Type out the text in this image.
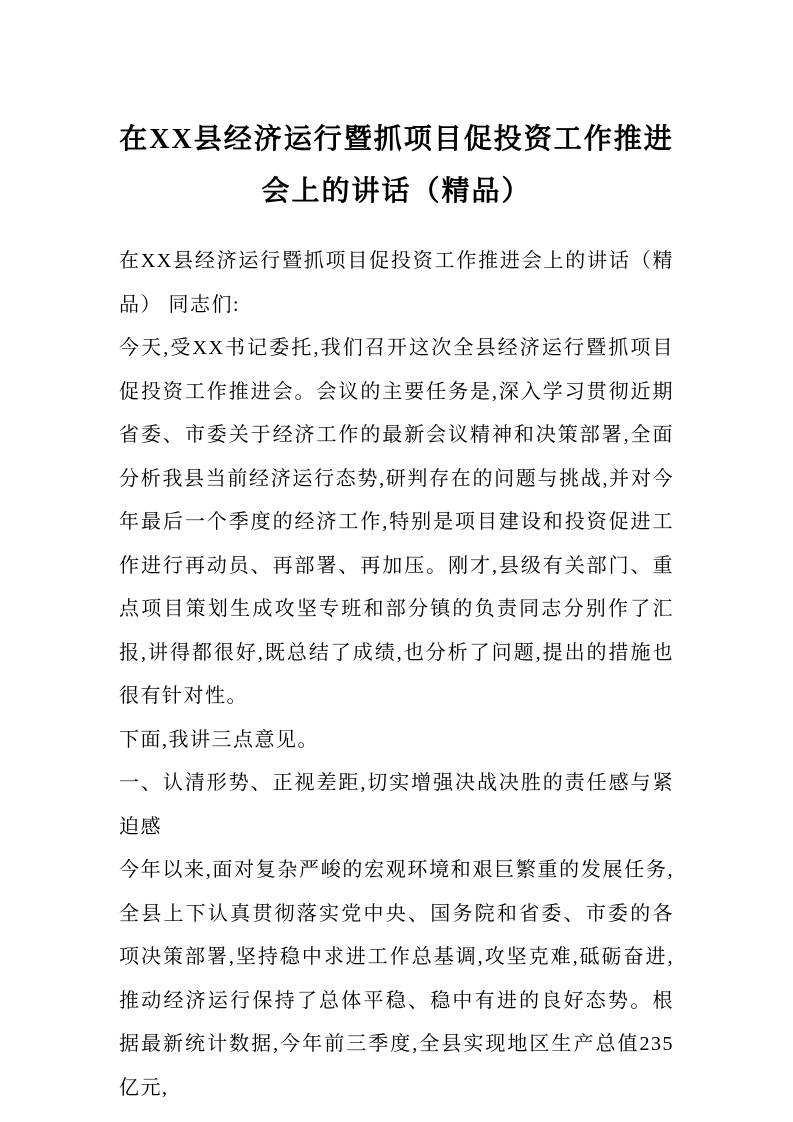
在XX县经济运行暨抓项目促投资工作推进会上的讲话（精品）

在XX县经济运行暨抓项目促投资工作推进会上的讲话（精品） 同志们:

今天,受XX书记委托,我们召开这次全县经济运行暨抓项目促投资工作推进会。会议的主要任务是,深入学习贯彻近期省委、市委关于经济工作的最新会议精神和决策部署,全面分析我县当前经济运行态势,研判存在的问题与挑战,并对今年最后一个季度的经济工作,特别是项目建设和投资促进工作进行再动员、再部署、再加压。刚才,县级有关部门、重点项目策划生成攻坚专班和部分镇的负责同志分别作了汇报,讲得都很好,既总结了成绩,也分析了问题,提出的措施也很有针对性。

下面,我讲三点意见。

一、认清形势、正视差距,切实增强决战决胜的责任感与紧迫感

今年以来,面对复杂严峻的宏观环境和艰巨繁重的发展任务,全县上下认真贯彻落实党中央、国务院和省委、市委的各项决策部署,坚持稳中求进工作总基调,攻坚克难,砥砺奋进,推动经济运行保持了总体平稳、稳中有进的良好态势。根据最新统计数据,今年前三季度,全县实现地区生产总值235亿元,
